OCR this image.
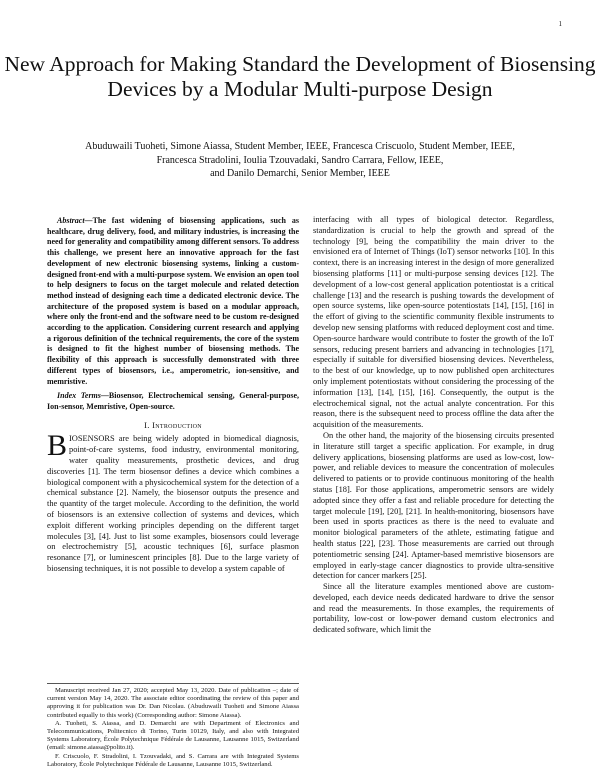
1
New Approach for Making Standard the Development of Biosensing Devices by a Modular Multi-purpose Design
Abuduwaili Tuoheti, Simone Aiassa, Student Member, IEEE, Francesca Criscuolo, Student Member, IEEE,
Francesca Stradolini, Ioulia Tzouvadaki, Sandro Carrara, Fellow, IEEE,
and Danilo Demarchi, Senior Member, IEEE

Abstract—The fast widening of biosensing applications, such as healthcare, drug delivery, food, and military industries, is increasing the need for generality and compatibility among different sensors. To address this challenge, we present here an innovative approach for the fast development of new electronic biosensing systems, linking a custom-designed front-end with a multi-purpose system. We envision an open tool to help designers to focus on the target molecule and related detection method instead of designing each time a dedicated electronic device. The architecture of the proposed system is based on a modular approach, where only the front-end and the software need to be custom re-designed according to the application. Considering current research and applying a rigorous definition of the technical requirements, the core of the system is designed to fit the highest number of biosensing methods. The flexibility of this approach is successfully demonstrated with three different types of biosensors, i.e., amperometric, ion-sensitive, and memristive.

Index Terms—Biosensor, Electrochemical sensing, General-purpose, Ion-sensor, Memristive, Open-source.

I. Introduction

BIOSENSORS are being widely adopted in biomedical diagnosis, point-of-care systems, food industry, environmental monitoring, water quality measurements, prosthetic devices, and drug discoveries [1]. The term biosensor defines a device which combines a biological component with a physicochemical system for the detection of a chemical substance [2]. Namely, the biosensor outputs the presence and the quantity of the target molecule. According to the definition, the world of biosensors is an extensive collection of systems and devices, which exploit different working principles depending on the different target molecules [3], [4]. Just to list some examples, biosensors could leverage on electrochemistry [5], acoustic techniques [6], surface plasmon resonance [7], or luminescent principles [8]. Due to the large variety of biosensing techniques, it is not possible to develop a system capable of

Manuscript received Jan 27, 2020; accepted May 13, 2020. Date of publication –; date of current version May 14, 2020. The associate editor coordinating the review of this paper and approving it for publication was Dr. Dan Nicolau. (Abuduwaili Tuoheti and Simone Aiassa contributed equally to this work) (Corresponding author: Simone Aiassa).

A. Tuoheti, S. Aiassa, and D. Demarchi are with Department of Electronics and Telecommunications, Politecnico di Torino, Turin 10129, Italy, and also with Integrated Systems Laboratory, École Polytechnique Fédérale de Lausanne, Lausanne 1015, Switzerland (email: simone.aiassa@polito.it).

F. Criscuolo, F. Stradolini, I. Tzouvadaki, and S. Carrara are with Integrated Systems Laboratory, École Polytechnique Fédérale de Lausanne, Lausanne 1015, Switzerland.

interfacing with all types of biological detector. Regardless, standardization is crucial to help the growth and spread of the technology [9], being the compatibility the main driver to the envisioned era of Internet of Things (IoT) sensor networks [10]. In this context, there is an increasing interest in the design of more generalized biosensing platforms [11] or multi-purpose sensing devices [12]. The development of a low-cost general application potentiostat is a critical challenge [13] and the research is pushing towards the development of open source systems, like open-source potentiostats [14], [15], [16] in the effort of giving to the scientific community flexible instruments to develop new sensing platforms with reduced deployment cost and time. Open-source hardware would contribute to foster the growth of the IoT sensors, reducing present barriers and advancing in technologies [17], especially if suitable for diversified biosensing devices. Nevertheless, to the best of our knowledge, up to now published open architectures only implement potentiostats without considering the processing of the information [13], [14], [15], [16]. Consequently, the output is the electrochemical signal, not the actual analyte concentration. For this reason, there is the subsequent need to process offline the data after the acquisition of the measurements.

On the other hand, the majority of the biosensing circuits presented in literature still target a specific application. For example, in drug delivery applications, biosensing platforms are used as low-cost, low-power, and reliable devices to measure the concentration of molecules delivered to patients or to provide continuous monitoring of the health status [18]. For those applications, amperometric sensors are widely adopted since they offer a fast and reliable procedure for detecting the target molecule [19], [20], [21]. In health-monitoring, biosensors have been used in sports practices as there is the need to evaluate and monitor biological parameters of the athlete, estimating fatigue and health status [22], [23]. Those measurements are carried out through potentiometric sensing [24]. Aptamer-based memristive biosensors are employed in early-stage cancer diagnostics to provide ultra-sensitive detection for cancer markers [25].

Since all the literature examples mentioned above are custom-developed, each device needs dedicated hardware to drive the sensor and read the measurements. In those examples, the requirements of portability, low-cost or low-power demand custom electronics and dedicated software, which limit the
